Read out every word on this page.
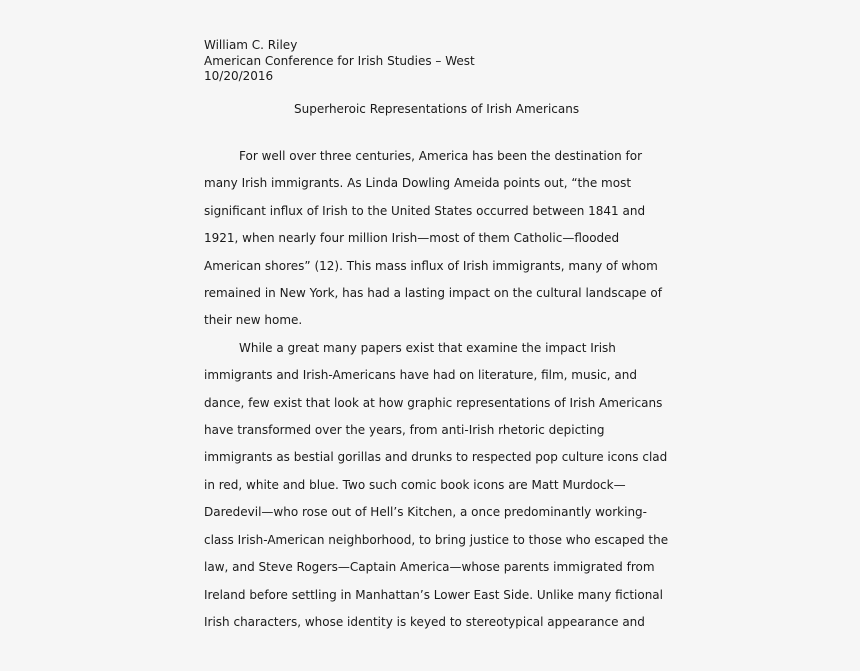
William C. Riley
American Conference for Irish Studies – West
10/20/2016
Superheroic Representations of Irish Americans
For well over three centuries, America has been the destination for
many Irish immigrants. As Linda Dowling Ameida points out, “the most
significant influx of Irish to the United States occurred between 1841 and
1921, when nearly four million Irish—most of them Catholic—flooded
American shores” (12). This mass influx of Irish immigrants, many of whom
remained in New York, has had a lasting impact on the cultural landscape of
their new home.
While a great many papers exist that examine the impact Irish
immigrants and Irish-Americans have had on literature, film, music, and
dance, few exist that look at how graphic representations of Irish Americans
have transformed over the years, from anti-Irish rhetoric depicting
immigrants as bestial gorillas and drunks to respected pop culture icons clad
in red, white and blue. Two such comic book icons are Matt Murdock—
Daredevil—who rose out of Hell’s Kitchen, a once predominantly working-
class Irish-American neighborhood, to bring justice to those who escaped the
law, and Steve Rogers—Captain America—whose parents immigrated from
Ireland before settling in Manhattan’s Lower East Side. Unlike many fictional
Irish characters, whose identity is keyed to stereotypical appearance and
